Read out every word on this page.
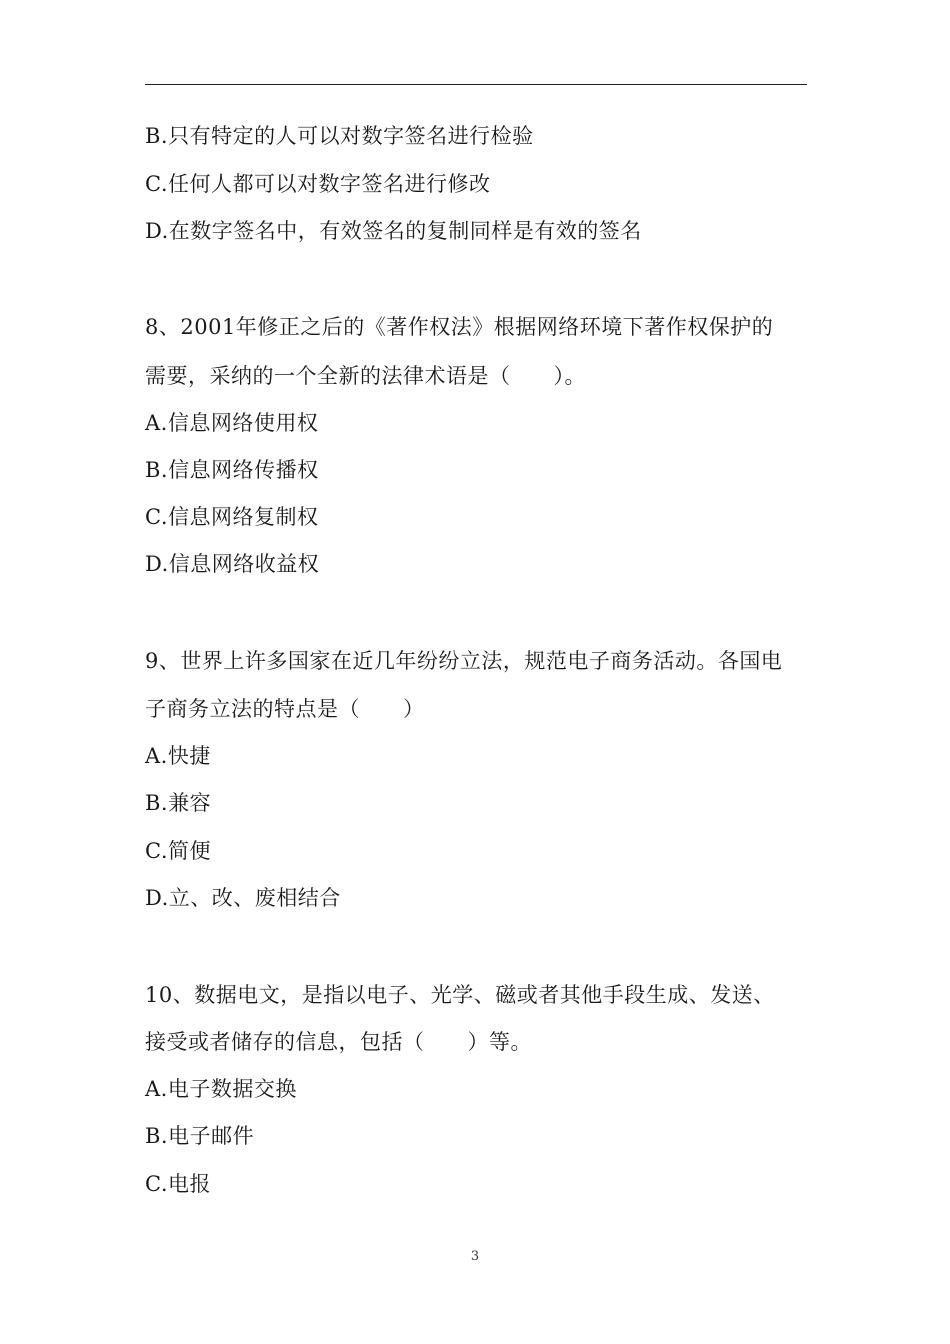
B.只有特定的人可以对数字签名进行检验
C.任何人都可以对数字签名进行修改
D.在数字签名中，有效签名的复制同样是有效的签名
8、2001年修正之后的《著作权法》根据网络环境下著作权保护的
需要，采纳的一个全新的法律术语是（　　）。
A.信息网络使用权
B.信息网络传播权
C.信息网络复制权
D.信息网络收益权
9、世界上许多国家在近几年纷纷立法，规范电子商务活动。各国电
子商务立法的特点是（　　）
A.快捷
B.兼容
C.简便
D.立、改、废相结合
10、数据电文，是指以电子、光学、磁或者其他手段生成、发送、
接受或者储存的信息，包括（　　）等。
A.电子数据交换
B.电子邮件
C.电报
3
